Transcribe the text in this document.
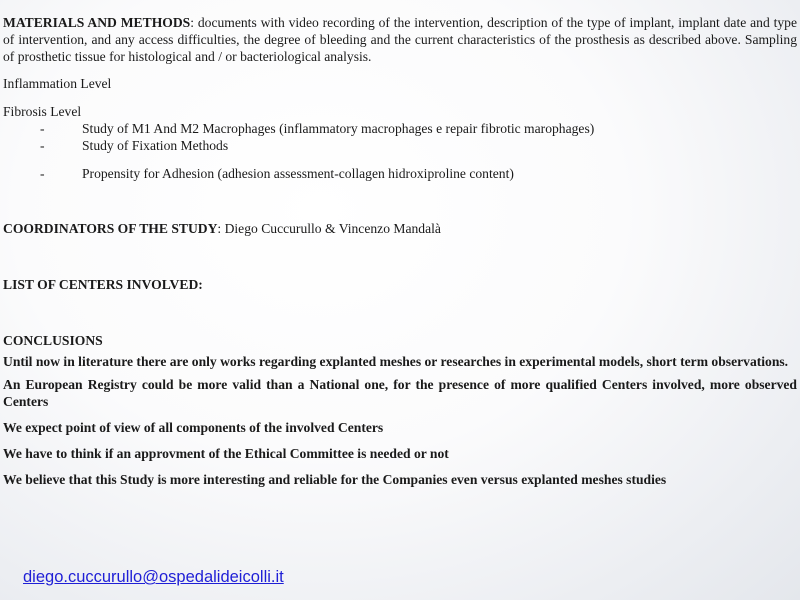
MATERIALS AND METHODS: documents with video recording of the intervention, description of the type of implant, implant date and type of intervention, and any access difficulties, the degree of bleeding and the current characteristics of the prosthesis as described above. Sampling of prosthetic tissue for histological and / or bacteriological analysis.

Inflammation Level

Fibrosis Level

-	Study of M1 And M2 Macrophages (inflammatory macrophages e repair fibrotic marophages)
-	Study of Fixation Methods
-	Propensity for Adhesion (adhesion assessment-collagen hidroxiproline content)

COORDINATORS OF THE STUDY: Diego Cuccurullo & Vincenzo Mandalà

LIST OF CENTERS INVOLVED:

CONCLUSIONS

Until now in literature there are only works regarding explanted meshes or researches in experimental models, short term observations.

An European Registry could be more valid than a National one, for the presence of more qualified Centers involved, more observed Centers

We expect point of view of all components of the involved Centers

We have to think if an approvment of the Ethical Committee is needed or not

We believe that this Study is more interesting and reliable for the Companies even versus explanted meshes studies

diego.cuccurullo@ospedalideicolli.it
